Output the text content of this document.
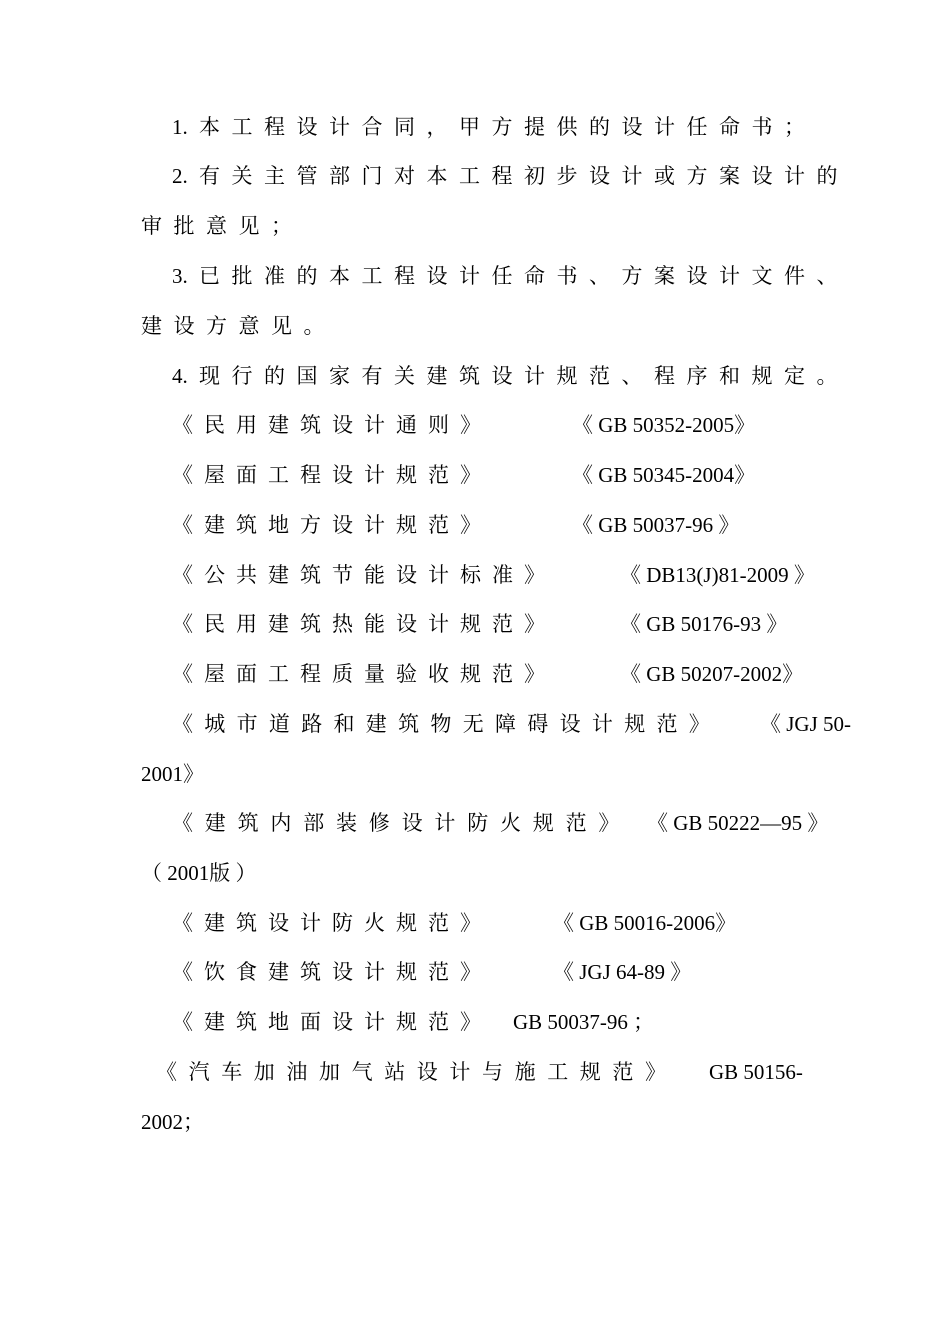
1. 本工程设计合同，甲方提供的设计任命书；
2. 有关主管部门对本工程初步设计或方案设计的
审批意见；
3. 已批准的本工程设计任命书、方案设计文件、
建设方意见。
4. 现行的国家有关建筑设计规范、程序和规定。
《民用建筑设计通则》	《 GB 50352-2005》
《屋面工程设计规范》	《 GB 50345-2004》
《建筑地方设计规范》	《 GB 50037-96 》
《公共建筑节能设计标准》	《 DB13(J)81-2009 》
《民用建筑热能设计规范》	《 GB 50176-93 》
《屋面工程质量验收规范》	《 GB 50207-2002》
《城市道路和建筑物无障碍设计规范》 《 JGJ 50-
2001》
《建筑内部装修设计防火规范》 《 GB 50222—95 》
（ 2001版 ）
《建筑设计防火规范》	《 GB 50016-2006》
《饮食建筑设计规范》	《 JGJ 64-89 》
《建筑地面设计规范》 GB 50037-96 ；
《汽车加油加气站设计与施工规范》 GB 50156-
2002；
